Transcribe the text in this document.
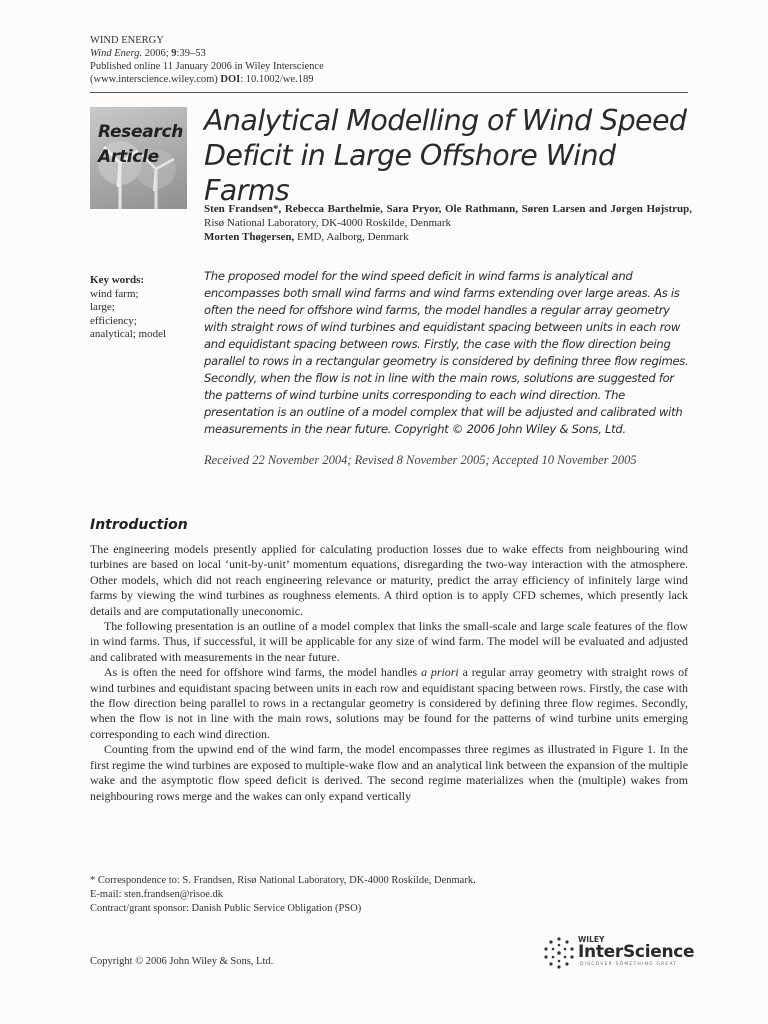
WIND ENERGY
Wind Energ. 2006; 9:39–53
Published online 11 January 2006 in Wiley Interscience
(www.interscience.wiley.com) DOI: 10.1002/we.189
Research
Article
Analytical Modelling of Wind Speed Deficit in Large Offshore Wind Farms
Sten Frandsen*, Rebecca Barthelmie, Sara Pryor, Ole Rathmann, Søren Larsen and Jørgen Højstrup, Risø National Laboratory, DK-4000 Roskilde, Denmark
Morten Thøgersen, EMD, Aalborg, Denmark
Key words:
wind farm;
large;
efficiency;
analytical; model
The proposed model for the wind speed deficit in wind farms is analytical and encompasses both small wind farms and wind farms extending over large areas. As is often the need for offshore wind farms, the model handles a regular array geometry with straight rows of wind turbines and equidistant spacing between units in each row and equidistant spacing between rows. Firstly, the case with the flow direction being parallel to rows in a rectangular geometry is considered by defining three flow regimes. Secondly, when the flow is not in line with the main rows, solutions are suggested for the patterns of wind turbine units corresponding to each wind direction. The presentation is an outline of a model complex that will be adjusted and calibrated with measurements in the near future. Copyright © 2006 John Wiley & Sons, Ltd.
Received 22 November 2004; Revised 8 November 2005; Accepted 10 November 2005
Introduction

The engineering models presently applied for calculating production losses due to wake effects from neighbouring wind turbines are based on local ‘unit-by-unit’ momentum equations, disregarding the two-way interaction with the atmosphere. Other models, which did not reach engineering relevance or maturity, predict the array efficiency of infinitely large wind farms by viewing the wind turbines as roughness elements. A third option is to apply CFD schemes, which presently lack details and are computationally uneconomic.

The following presentation is an outline of a model complex that links the small-scale and large scale features of the flow in wind farms. Thus, if successful, it will be applicable for any size of wind farm. The model will be evaluated and adjusted and calibrated with measurements in the near future.

As is often the need for offshore wind farms, the model handles a priori a regular array geometry with straight rows of wind turbines and equidistant spacing between units in each row and equidistant spacing between rows. Firstly, the case with the flow direction being parallel to rows in a rectangular geometry is considered by defining three flow regimes. Secondly, when the flow is not in line with the main rows, solutions may be found for the patterns of wind turbine units emerging corresponding to each wind direction.

Counting from the upwind end of the wind farm, the model encompasses three regimes as illustrated in Figure 1. In the first regime the wind turbines are exposed to multiple-wake flow and an analytical link between the expansion of the multiple wake and the asymptotic flow speed deficit is derived. The second regime materializes when the (multiple) wakes from neighbouring rows merge and the wakes can only expand vertically

* Correspondence to: S. Frandsen, Risø National Laboratory, DK-4000 Roskilde, Denmark.
E-mail: sten.frandsen@risoe.dk
Contract/grant sponsor: Danish Public Service Obligation (PSO)
Copyright © 2006 John Wiley & Sons, Ltd.
WILEY
InterScience
DISCOVER SOMETHING GREAT
